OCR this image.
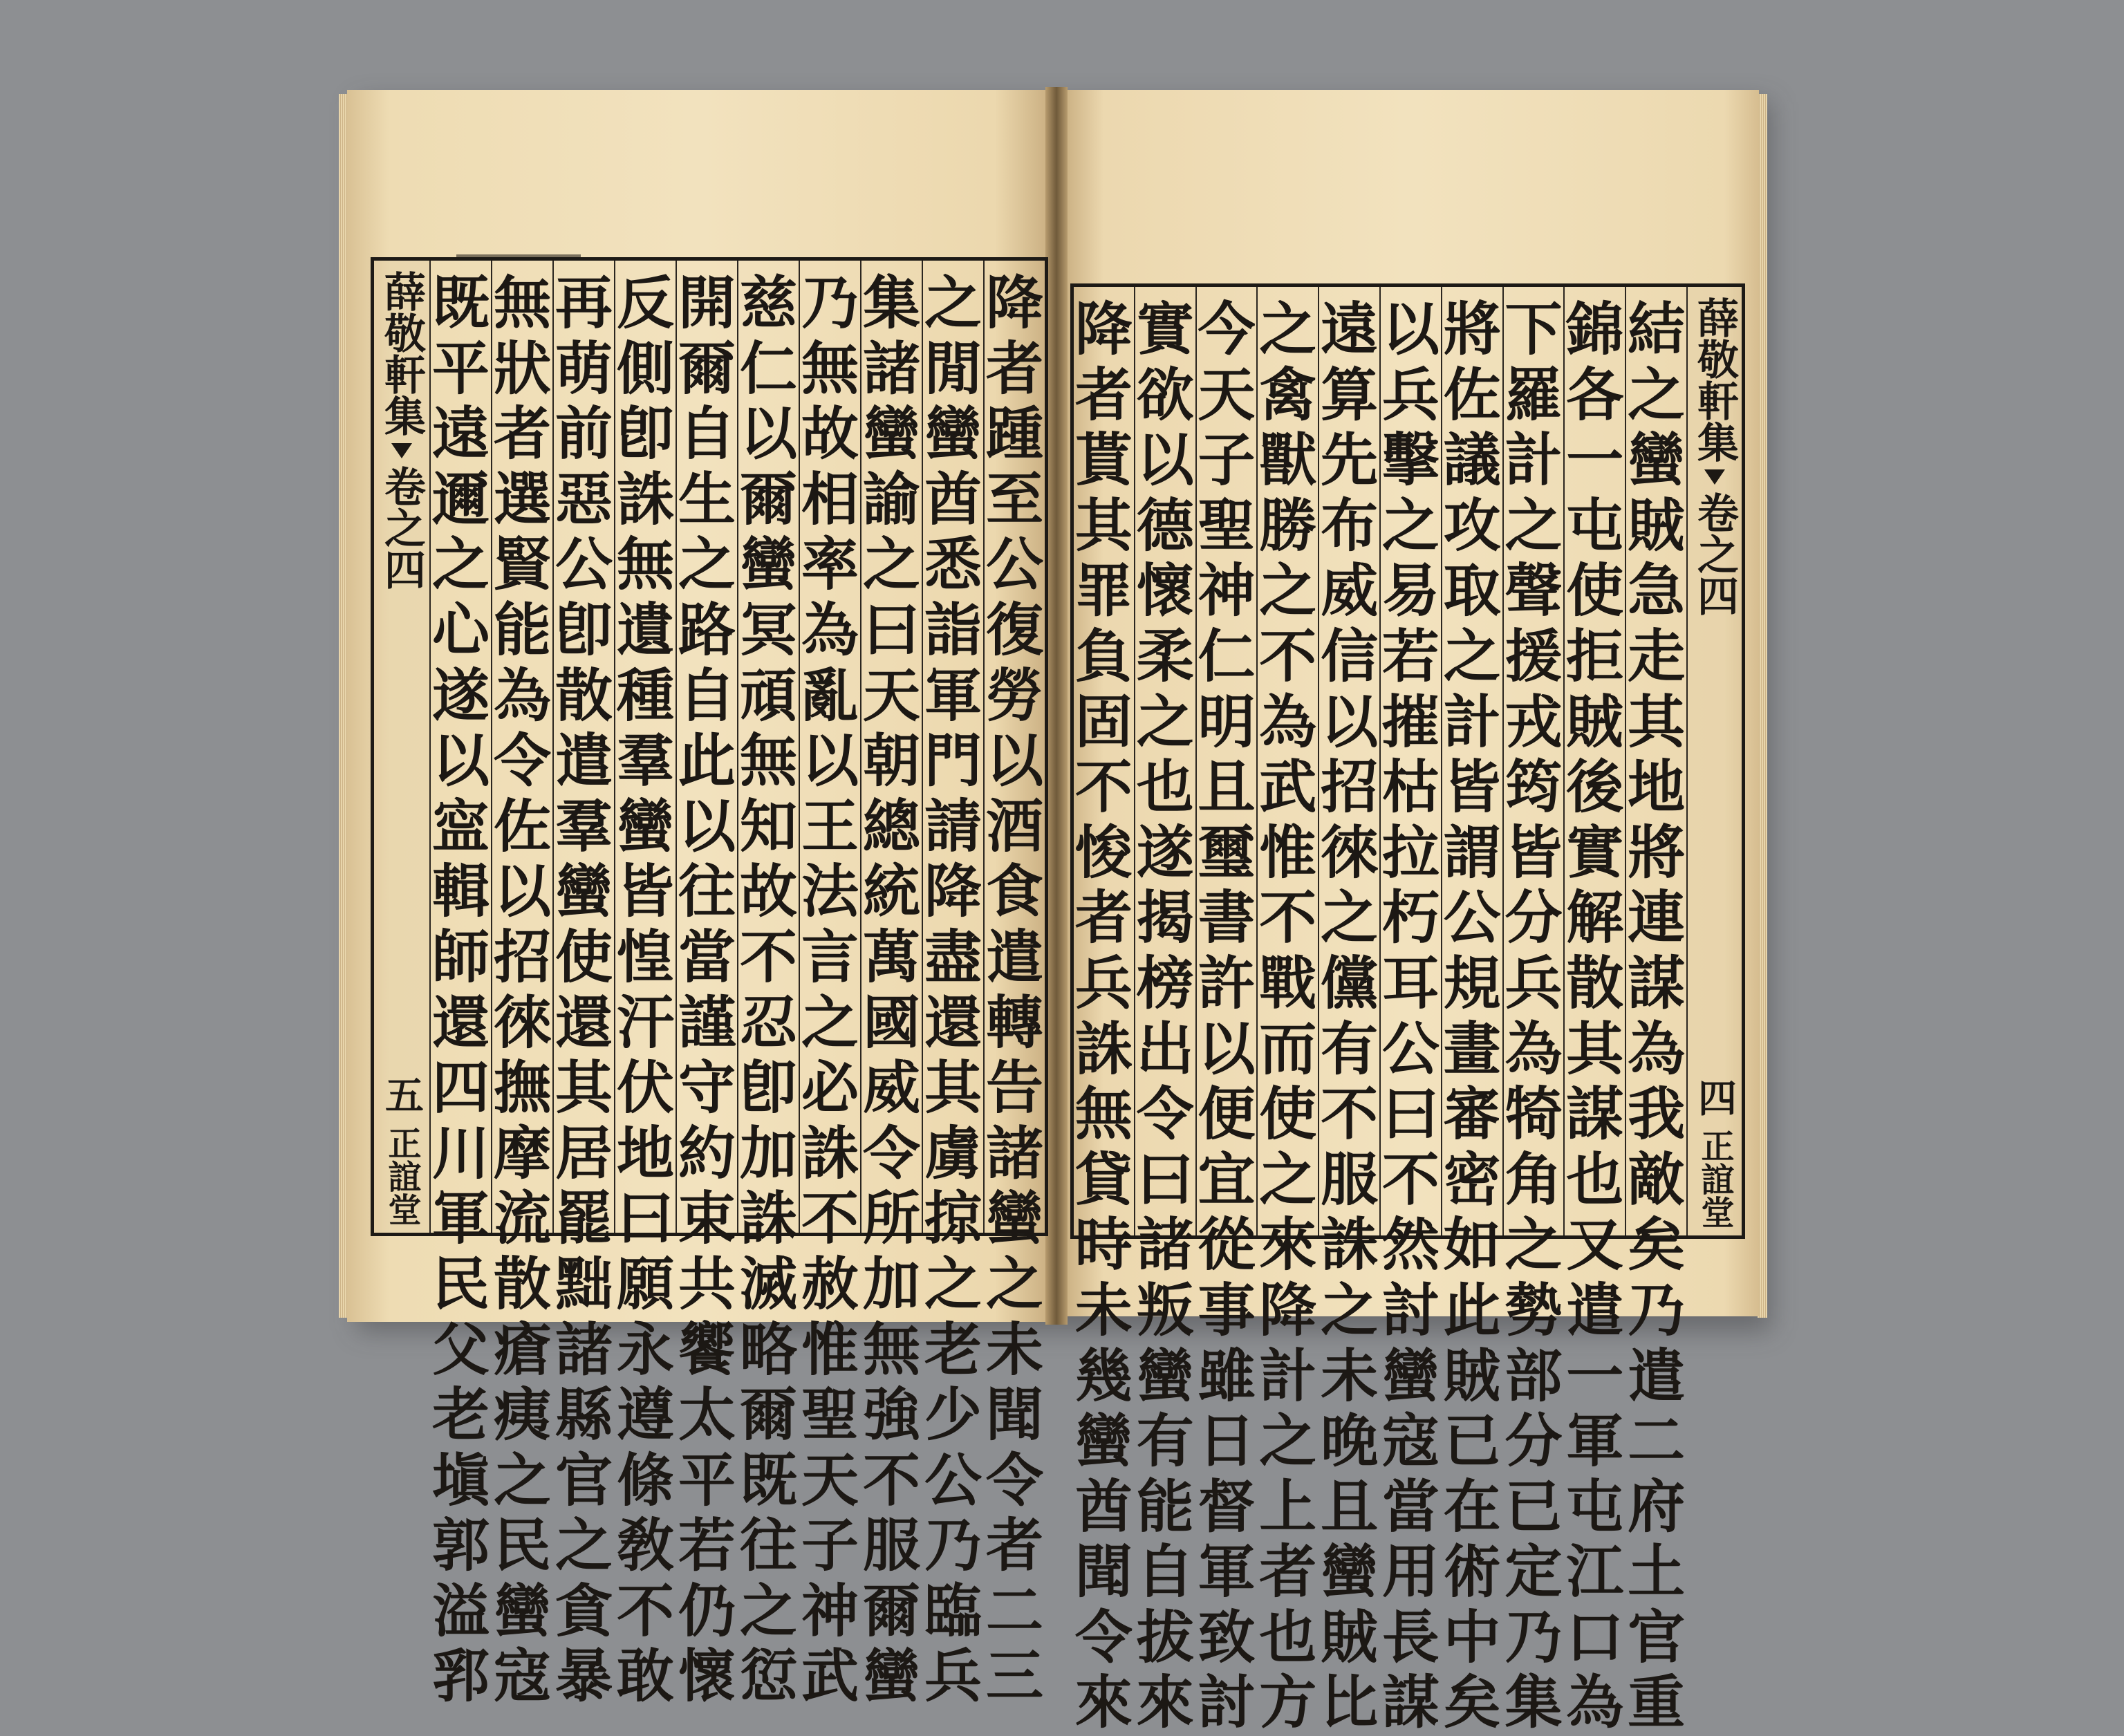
薛敬軒集
卷之四
五
正誼堂
既
平
遠
邇
之
心
遂
以
寍
輯
師
還
四
川
軍
民
父
老
塡
郭
溢
郛
無
狀
者
選
賢
能
為
令
佐
以
招
徠
撫
摩
流
散
瘡
痍
之
民
蠻
寇
再
萌
前
惡
公
卽
散
遣
羣
蠻
使
還
其
居
罷
黜
諸
縣
官
之
貪
暴
反
側
卽
誅
無
遺
種
羣
蠻
皆
惶
汗
伏
地
曰
願
永
遵
條
敎
不
敢
開
爾
自
生
之
路
自
此
以
往
當
謹
守
約
束
共
饗
太
平
若
仍
懷
慈
仁
以
爾
蠻
冥
頑
無
知
故
不
忍
卽
加
誅
滅
略
爾
既
往
之
愆
乃
無
故
相
率
為
亂
以
王
法
言
之
必
誅
不
赦
惟
聖
天
子
神
武
集
諸
蠻
諭
之
曰
天
朝
總
統
萬
國
威
令
所
加
無
強
不
服
爾
蠻
之
閒
蠻
酋
悉
詣
軍
門
請
降
盡
還
其
虜
掠
之
老
少
公
乃
臨
兵
降
者
踵
至
公
復
勞
以
酒
食
遣
轉
告
諸
蠻
之
未
聞
令
者
二
三
降
者
貰
其
罪
負
固
不
悛
者
兵
誅
無
貸
時
未
幾
蠻
酋
聞
令
來
實
欲
以
德
懷
柔
之
也
遂
揭
榜
出
令
曰
諸
叛
蠻
有
能
自
拔
來
今
天
子
聖
神
仁
明
且
璽
書
許
以
便
宜
從
事
雖
日
督
軍
致
討
之
禽
獸
勝
之
不
為
武
惟
不
戰
而
使
之
來
降
計
之
上
者
也
方
遠
算
先
布
威
信
以
招
徠
之
儻
有
不
服
誅
之
未
晚
且
蠻
賊
比
以
兵
擊
之
易
若
摧
枯
拉
朽
耳
公
曰
不
然
討
蠻
寇
當
用
長
謀
將
佐
議
攻
取
之
計
皆
謂
公
規
畫
審
密
如
此
賊
已
在
術
中
矣
下
羅
計
之
聲
援
戎
筠
皆
分
兵
為
犄
角
之
勢
部
分
已
定
乃
集
錦
各
一
屯
使
拒
賊
後
實
解
散
其
謀
也
又
遣
一
軍
屯
江
口
為
結
之
蠻
賊
急
走
其
地
將
連
謀
為
我
敵
矣
乃
遣
二
府
土
官
重
薛敬軒集
卷之四
四
正誼堂
